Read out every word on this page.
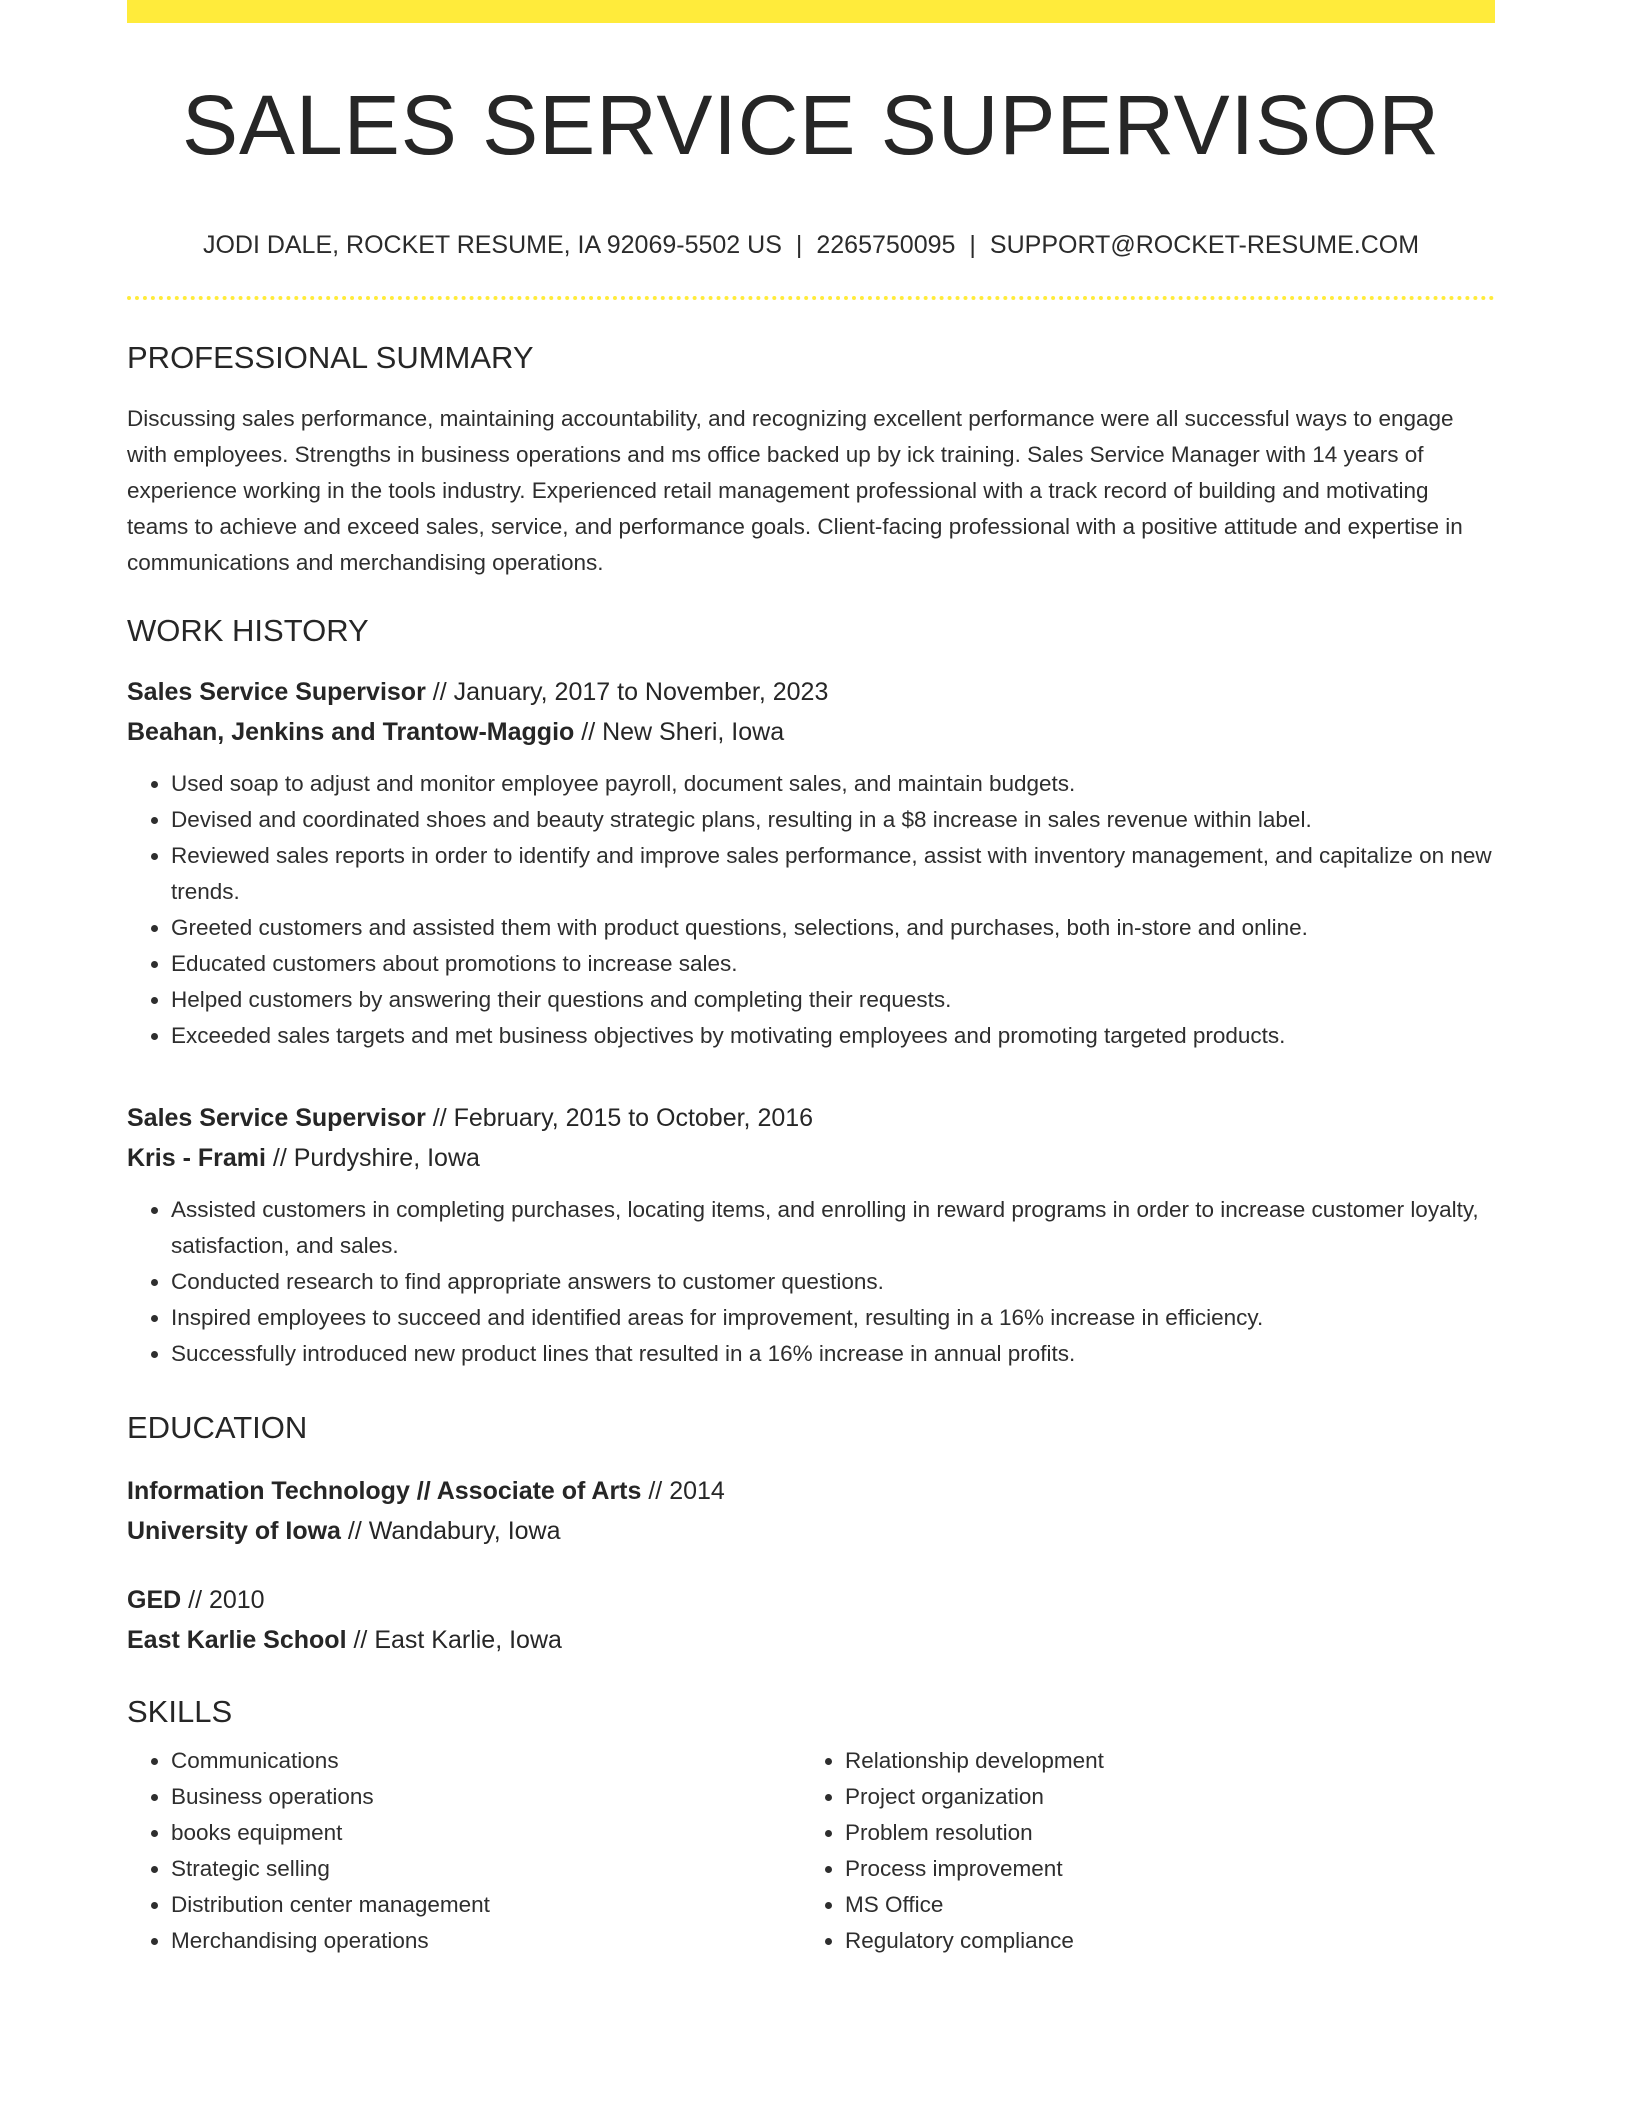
SALES SERVICE SUPERVISOR
JODI DALE, ROCKET RESUME, IA 92069-5502 US | 2265750095 | SUPPORT@ROCKET-RESUME.COM
PROFESSIONAL SUMMARY

Discussing sales performance, maintaining accountability, and recognizing excellent performance were all successful ways to engage with employees. Strengths in business operations and ms office backed up by ick training. Sales Service Manager with 14 years of experience working in the tools industry. Experienced retail management professional with a track record of building and motivating teams to achieve and exceed sales, service, and performance goals. Client-facing professional with a positive attitude and expertise in communications and merchandising operations.

WORK HISTORY
Sales Service Supervisor // January, 2017 to November, 2023
Beahan, Jenkins and Trantow-Maggio // New Sheri, Iowa
• Used soap to adjust and monitor employee payroll, document sales, and maintain budgets.
• Devised and coordinated shoes and beauty strategic plans, resulting in a $8 increase in sales revenue within label.
• Reviewed sales reports in order to identify and improve sales performance, assist with inventory management, and capitalize on new trends.
• Greeted customers and assisted them with product questions, selections, and purchases, both in-store and online.
• Educated customers about promotions to increase sales.
• Helped customers by answering their questions and completing their requests.
• Exceeded sales targets and met business objectives by motivating employees and promoting targeted products.
Sales Service Supervisor // February, 2015 to October, 2016
Kris - Frami // Purdyshire, Iowa
• Assisted customers in completing purchases, locating items, and enrolling in reward programs in order to increase customer loyalty, satisfaction, and sales.
• Conducted research to find appropriate answers to customer questions.
• Inspired employees to succeed and identified areas for improvement, resulting in a 16% increase in efficiency.
• Successfully introduced new product lines that resulted in a 16% increase in annual profits.
EDUCATION
Information Technology // Associate of Arts // 2014
University of Iowa // Wandabury, Iowa
GED // 2010
East Karlie School // East Karlie, Iowa
SKILLS
• Communications
• Business operations
• books equipment
• Strategic selling
• Distribution center management
• Merchandising operations
• Relationship development
• Project organization
• Problem resolution
• Process improvement
• MS Office
• Regulatory compliance
